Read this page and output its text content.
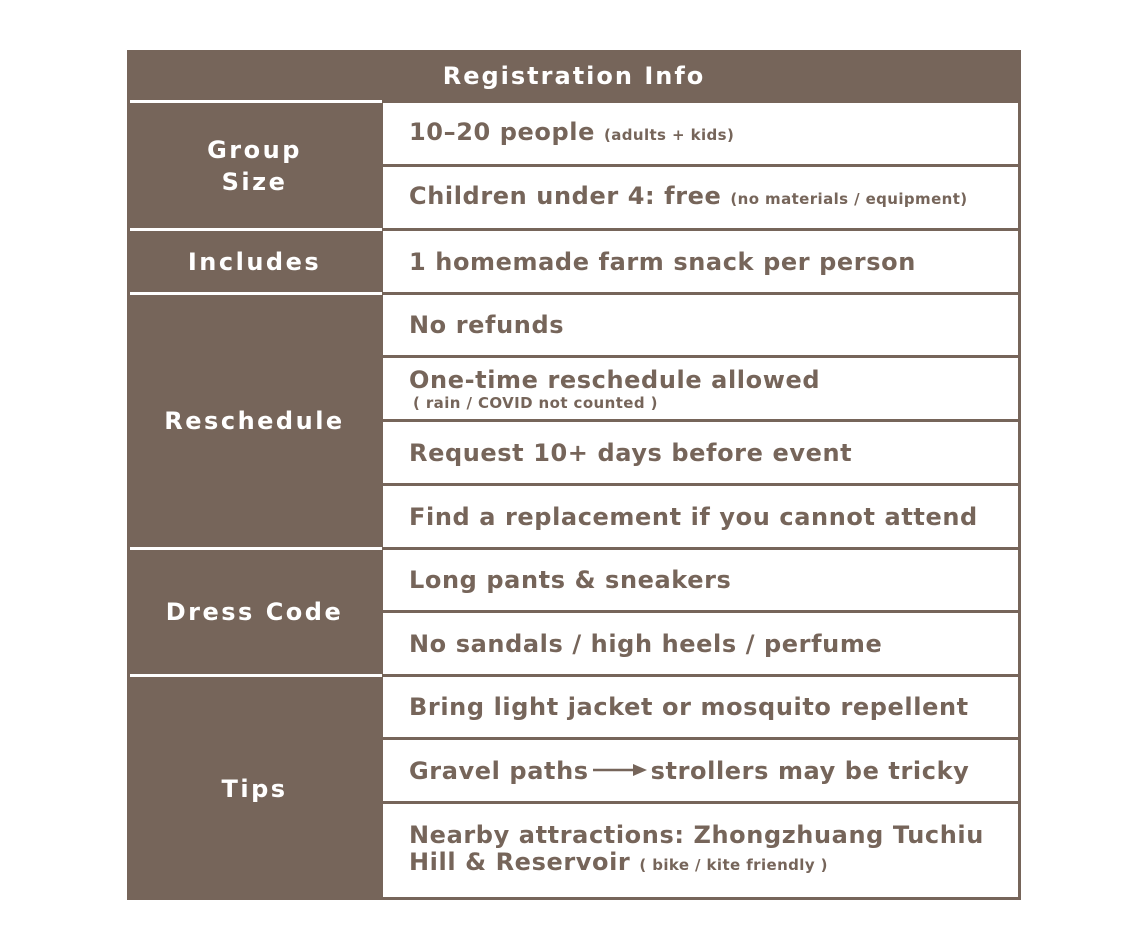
Registration Info
Group
Size
10–20 people (adults + kids)
Children under 4: free (no materials / equipment)
Includes	1 homemade farm snack per person
Reschedule
No refunds
One-time reschedule allowed
( rain / COVID not counted )
Request 10+ days before event
Find a replacement if you cannot attend
Dress Code
Long pants & sneakers
No sandals / high heels / perfume
Tips
Bring light jacket or mosquito repellent
Gravel paths	strollers may be tricky
Nearby attractions: Zhongzhuang Tuchiu
Hill & Reservoir ( bike / kite friendly )
